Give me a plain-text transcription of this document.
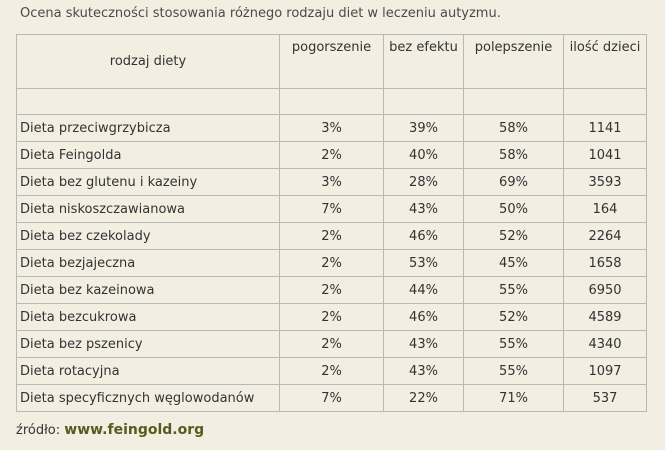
Ocena skuteczności stosowania różnego rodzaju diet w leczeniu autyzmu.
rodzaj diety	pogorszenie	bez efektu	polepszenie	ilość dzieci

Dieta przeciwgrzybicza	3%	39%	58%	1141
Dieta Feingolda	2%	40%	58%	1041
Dieta bez glutenu i kazeiny	3%	28%	69%	3593
Dieta niskoszczawianowa	7%	43%	50%	164
Dieta bez czekolady	2%	46%	52%	2264
Dieta bezjajeczna	2%	53%	45%	1658
Dieta bez kazeinowa	2%	44%	55%	6950
Dieta bezcukrowa	2%	46%	52%	4589
Dieta bez pszenicy	2%	43%	55%	4340
Dieta rotacyjna	2%	43%	55%	1097
Dieta specyficznych węglowodanów	7%	22%	71%	537
źródło: www.feingold.org
